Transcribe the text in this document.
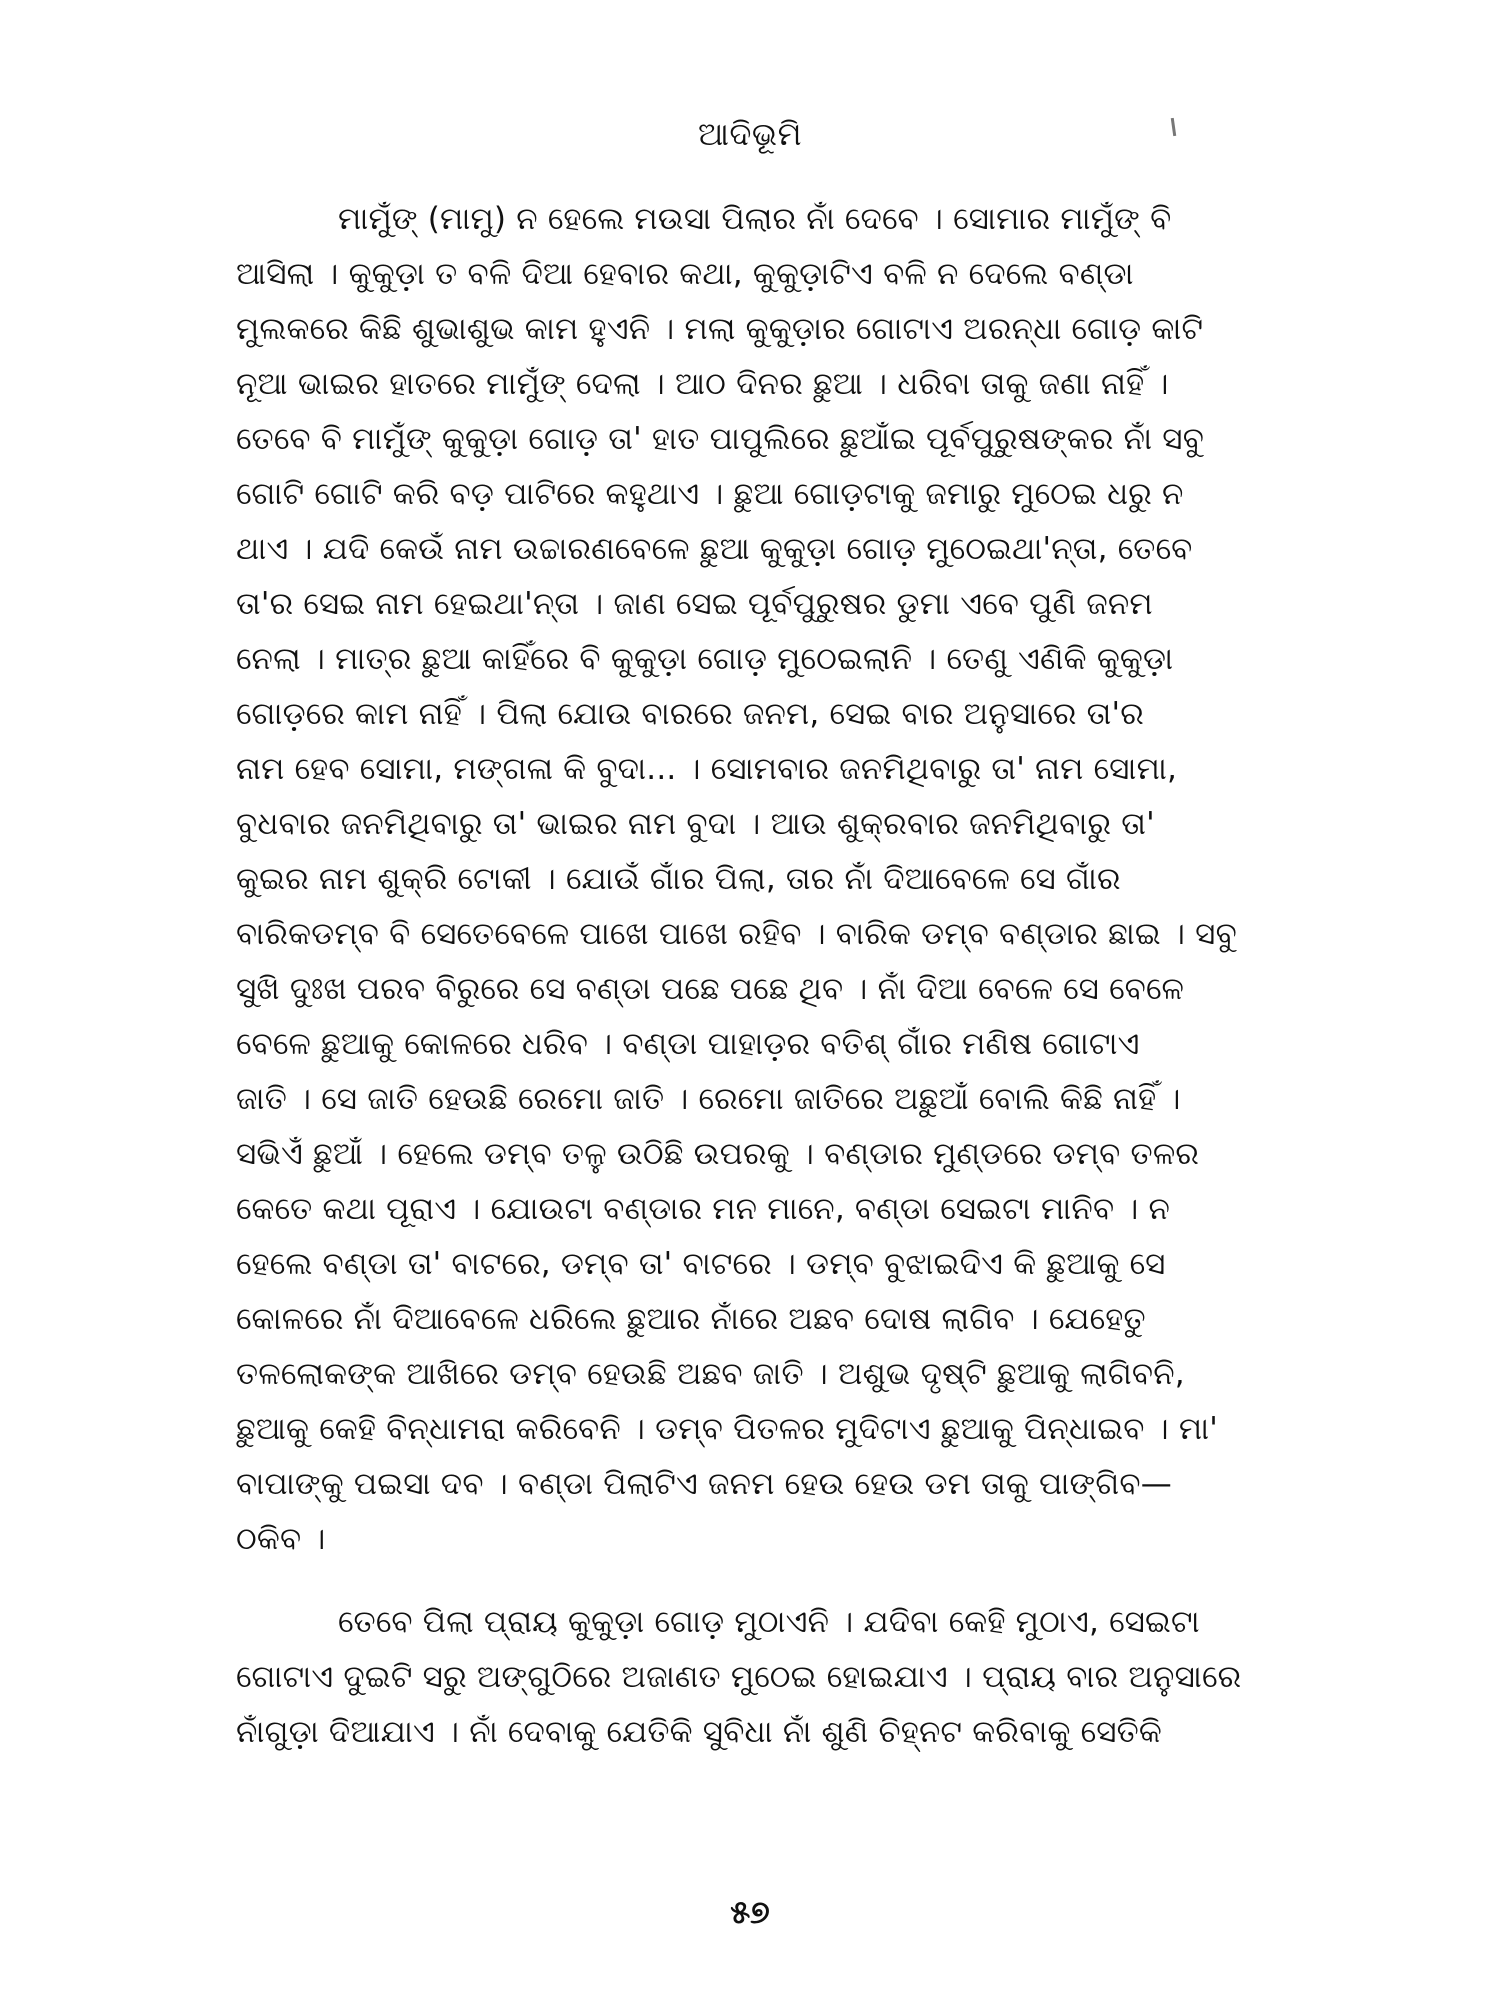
ଆଦିଭୂମି

ମାମୁଁଙ୍ (ମାମୁ) ନ ହେଲେ ମଉସା ପିଲାର ନାଁ ଦେବେ । ସୋମାର ମାମୁଁଙ୍ ବି
ଆସିଲା । କୁକୁଡ଼ା ତ ବଳି ଦିଆ ହେବାର କଥା, କୁକୁଡ଼ାଟିଏ ବଳି ନ ଦେଲେ ବଣ୍ଡା
ମୁଲକରେ କିଛି ଶୁଭାଶୁଭ କାମ ହୁଏନି । ମଲା କୁକୁଡ଼ାର ଗୋଟାଏ ଅରନ୍ଧା ଗୋଡ଼ କାଟି
ନୂଆ ଭାଇର ହାତରେ ମାମୁଁଙ୍ ଦେଲା । ଆଠ ଦିନର ଛୁଆ । ଧରିବା ତାକୁ ଜଣା ନାହିଁ ।
ତେବେ ବି ମାମୁଁଙ୍ କୁକୁଡ଼ା ଗୋଡ଼ ତା' ହାତ ପାପୁଲିରେ ଛୁଆଁଇ ପୂର୍ବପୁରୁଷଙ୍କର ନାଁ ସବୁ
ଗୋଟି ଗୋଟି କରି ବଡ଼ ପାଟିରେ କହୁଥାଏ । ଛୁଆ ଗୋଡ଼ଟାକୁ ଜମାରୁ ମୁଠେଇ ଧରୁ ନ
ଥାଏ । ଯଦି କେଉଁ ନାମ ଉଚ୍ଚାରଣବେଳେ ଛୁଆ କୁକୁଡ଼ା ଗୋଡ଼ ମୁଠେଇଥା'ନ୍ତା, ତେବେ
ତା'ର ସେଇ ନାମ ହେଇଥା'ନ୍ତା । ଜାଣ ସେଇ ପୂର୍ବପୁରୁଷର ଡୁମା ଏବେ ପୁଣି ଜନମ
ନେଲା । ମାତ୍ର ଛୁଆ କାହିଁରେ ବି କୁକୁଡ଼ା ଗୋଡ଼ ମୁଠେଇଲାନି । ତେଣୁ ଏଣିକି କୁକୁଡ଼ା
ଗୋଡ଼ରେ କାମ ନାହିଁ । ପିଲା ଯୋଉ ବାରରେ ଜନମ, ସେଇ ବାର ଅନୁସାରେ ତା'ର
ନାମ ହେବ ସୋମା, ମଙ୍ଗଳା କି ବୁଦା... । ସୋମବାର ଜନମିଥିବାରୁ ତା' ନାମ ସୋମା,
ବୁଧବାର ଜନମିଥିବାରୁ ତା' ଭାଇର ନାମ ବୁଦା । ଆଉ ଶୁକ୍ରବାର ଜନମିଥିବାରୁ ତା'
କୁଇର ନାମ ଶୁକ୍ରି ଟୋକୀ । ଯୋଉଁ ଗାଁର ପିଲା, ତାର ନାଁ ଦିଆବେଳେ ସେ ଗାଁର
ବାରିକଡମ୍ବ ବି ସେତେବେଳେ ପାଖେ ପାଖେ ରହିବ । ବାରିକ ଡମ୍ବ ବଣ୍ଡାର ଛାଇ । ସବୁ
ସୁଖି ଦୁଃଖ ପରବ ବିରୁରେ ସେ ବଣ୍ଡା ପଛେ ପଛେ ଥିବ । ନାଁ ଦିଆ ବେଳେ ସେ ବେଳେ
ବେଳେ ଛୁଆକୁ କୋଳରେ ଧରିବ । ବଣ୍ଡା ପାହାଡ଼ର ବତିଶ୍ ଗାଁର ମଣିଷ ଗୋଟାଏ
ଜାତି । ସେ ଜାତି ହେଉଛି ରେମୋ ଜାତି । ରେମୋ ଜାତିରେ ଅଛୁଆଁ ବୋଲି କିଛି ନାହିଁ ।
ସଭିଏଁ ଛୁଆଁ । ହେଲେ ଡମ୍ବ ତଳୁ ଉଠିଛି ଉପରକୁ । ବଣ୍ଡାର ମୁଣ୍ଡରେ ଡମ୍ବ ତଳର
କେତେ କଥା ପୂରାଏ । ଯୋଉଟା ବଣ୍ଡାର ମନ ମାନେ, ବଣ୍ଡା ସେଇଟା ମାନିବ । ନ
ହେଲେ ବଣ୍ଡା ତା' ବାଟରେ, ଡମ୍ବ ତା' ବାଟରେ । ଡମ୍ବ ବୁଝାଇଦିଏ କି ଛୁଆକୁ ସେ
କୋଳରେ ନାଁ ଦିଆବେଳେ ଧରିଲେ ଛୁଆର ନାଁରେ ଅଛବ ଦୋଷ ଲାଗିବ । ଯେହେତୁ
ତଳଲୋକଙ୍କ ଆଖିରେ ଡମ୍ବ ହେଉଛି ଅଛବ ଜାତି । ଅଶୁଭ ଦୃଷ୍ଟି ଛୁଆକୁ ଲାଗିବନି,
ଛୁଆକୁ କେହି ବିନ୍ଧାମରା କରିବେନି । ଡମ୍ବ ପିତଳର ମୁଦିଟାଏ ଛୁଆକୁ ପିନ୍ଧାଇବ । ମା'
ବାପାଙ୍କୁ ପଇସା ଦବ । ବଣ୍ଡା ପିଲାଟିଏ ଜନମ ହେଉ ହେଉ ଡମ ତାକୁ ପାଙ୍ଗିବ—
ଠକିବ ।

ତେବେ ପିଲା ପ୍ରାୟ କୁକୁଡ଼ା ଗୋଡ଼ ମୁଠାଏନି । ଯଦିବା କେହି ମୁଠାଏ, ସେଇଟା
ଗୋଟାଏ ଦୁଇଟି ସରୁ ଅଙ୍ଗୁଠିରେ ଅଜାଣତ ମୁଠେଇ ହୋଇଯାଏ । ପ୍ରାୟ ବାର ଅନୁସାରେ
ନାଁଗୁଡ଼ା ଦିଆଯାଏ । ନାଁ ଦେବାକୁ ଯେତିକି ସୁବିଧା ନାଁ ଶୁଣି ଚିହ୍ନଟ କରିବାକୁ ସେତିକି

୫୭
